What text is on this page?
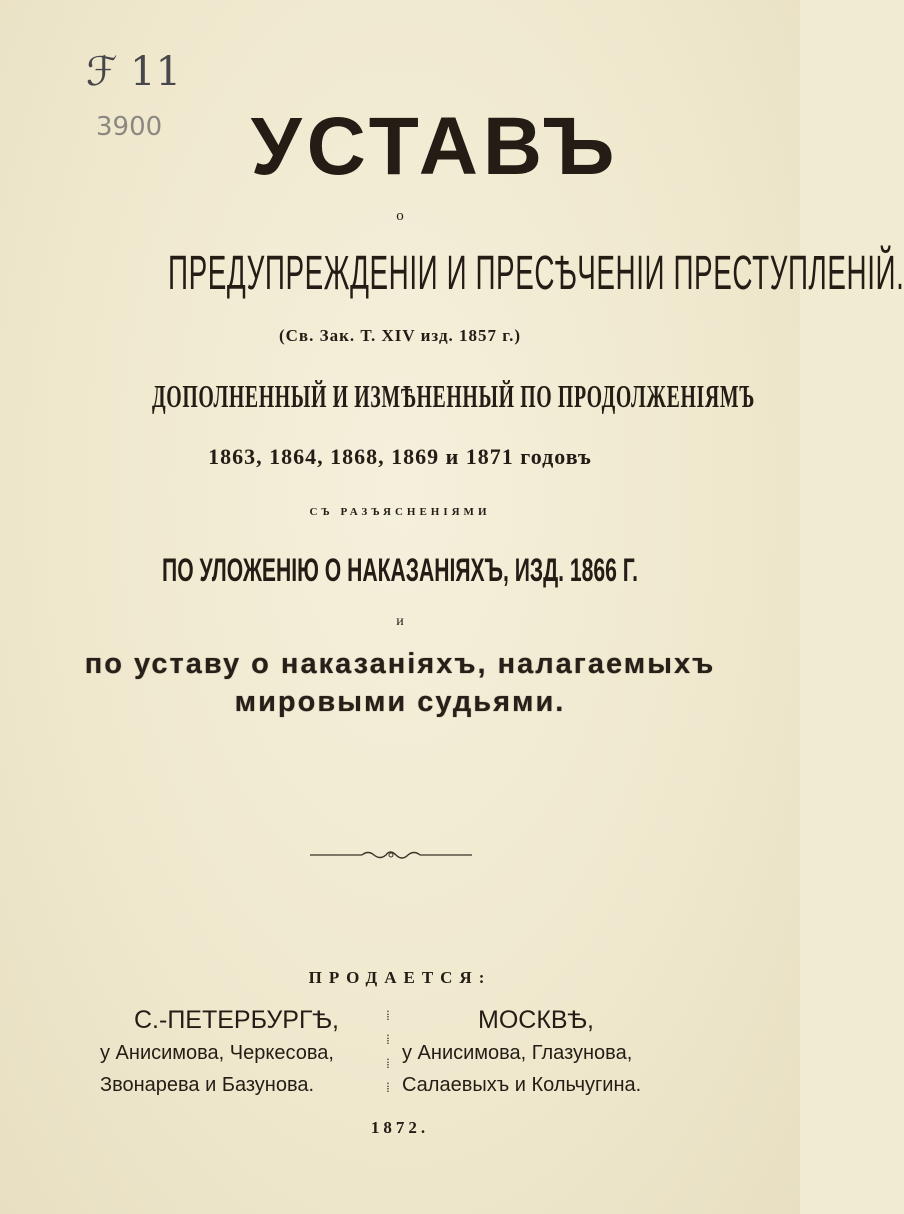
ℱ 11
3900	УСТАВЪ
о
ПРЕДУПРЕЖДЕНІИ И ПРЕСѢЧЕНІИ ПРЕСТУПЛЕНІЙ.
(Св. Зак. Т. XIV изд. 1857 г.)
ДОПОЛНЕННЫЙ И ИЗМѢНЕННЫЙ ПО ПРОДОЛЖЕНІЯМЪ
1863, 1864, 1868, 1869 и 1871 годовъ
СЪ РАЗЪЯСНЕНІЯМИ
ПО УЛОЖЕНІЮ О НАКАЗАНІЯХЪ, ИЗД. 1866 Г.
и
по уставу о наказаніяхъ, налагаемыхъ
мировыми судьями.
ПРОДАЕТСЯ:
С.-ПЕТЕРБУРГѢ,
у Анисимова, Черкесова,
Звонарева и Базунова.
⁞
⁞
⁞
⁞
МОСКВѢ,
у Анисимова, Глазунова,
Салаевыхъ и Кольчугина.
1872.
